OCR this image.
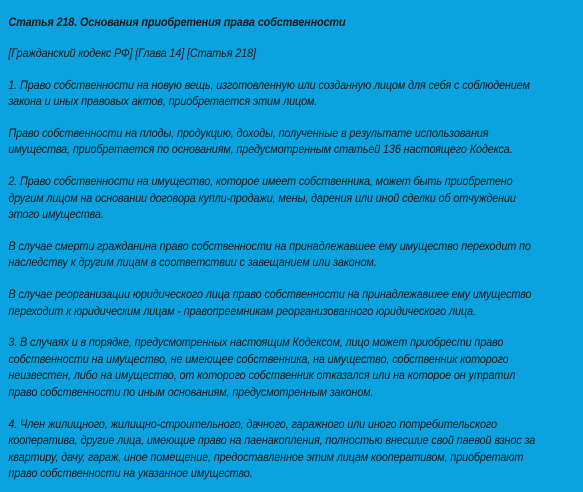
Статья 218. Основания приобретения права собственности

[Гражданский кодекс РФ] [Глава 14] [Статья 218]

1. Право собственности на новую вещь, изготовленную или созданную лицом для себя с соблюдением
закона и иных правовых актов, приобретается этим лицом.
Право собственности на плоды, продукцию, доходы, полученные в результате использования
имущества, приобретается по основаниям, предусмотренным статьей 136 настоящего Кодекса.
2. Право собственности на имущество, которое имеет собственника, может быть приобретено
другим лицом на основании договора купли-продажи, мены, дарения или иной сделки об отчуждении
этого имущества.
В случае смерти гражданина право собственности на принадлежавшее ему имущество переходит по
наследству к другим лицам в соответствии с завещанием или законом.
В случае реорганизации юридического лица право собственности на принадлежавшее ему имущество
переходит к юридическим лицам - правопреемникам реорганизованного юридического лица.
3. В случаях и в порядке, предусмотренных настоящим Кодексом, лицо может приобрести право
собственности на имущество, не имеющее собственника, на имущество, собственник которого
неизвестен, либо на имущество, от которого собственник отказался или на которое он утратил
право собственности по иным основаниям, предусмотренным законом.
4. Член жилищного, жилищно-строительного, дачного, гаражного или иного потребительского
кооператива, другие лица, имеющие право на паенакопления, полностью внесшие свой паевой взнос за
квартиру, дачу, гараж, иное помещение, предоставленное этим лицам кооперативом, приобретают
право собственности на указанное имущество.
